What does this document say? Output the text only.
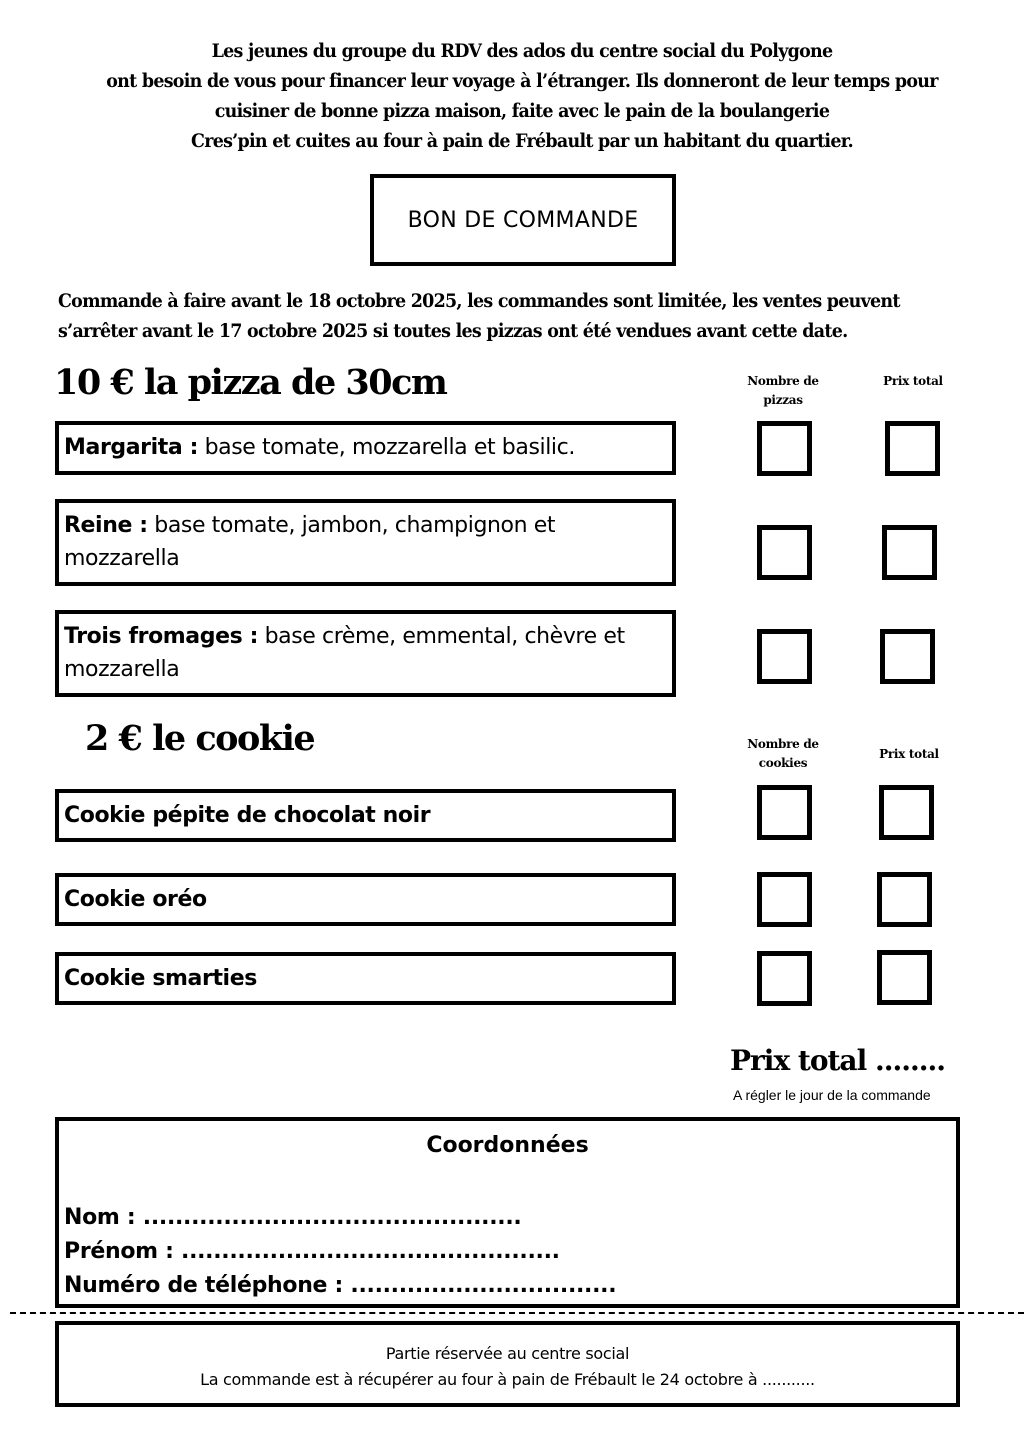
Les jeunes du groupe du RDV des ados du centre social du Polygone
ont besoin de vous pour financer leur voyage à l’étranger. Ils donneront de leur temps pour
cuisiner de bonne pizza maison, faite avec le pain de la boulangerie
Cres’pin et cuites au four à pain de Frébault par un habitant du quartier.
BON DE COMMANDE
Commande à faire avant le 18 octobre 2025, les commandes sont limitée, les ventes peuvent
s’arrêter avant le 17 octobre 2025 si toutes les pizzas ont été vendues avant cette date.
10 € la pizza de 30cm	Nombre de
pizzas
Prix total
Margarita : base tomate, mozzarella et basilic.
Reine : base tomate, jambon, champignon et mozzarella
Trois fromages : base crème, emmental, chèvre et mozzarella
2 € le cookie	Nombre de
cookies
Prix total
Cookie pépite de chocolat noir
Cookie oréo
Cookie smarties
Prix total ........
A régler le jour de la commande
Coordonnées
Nom : ...............................................
Prénom : ...............................................
Numéro de téléphone : .................................
Partie réservée au centre social
La commande est à récupérer au four à pain de Frébault le 24 octobre à ...........
